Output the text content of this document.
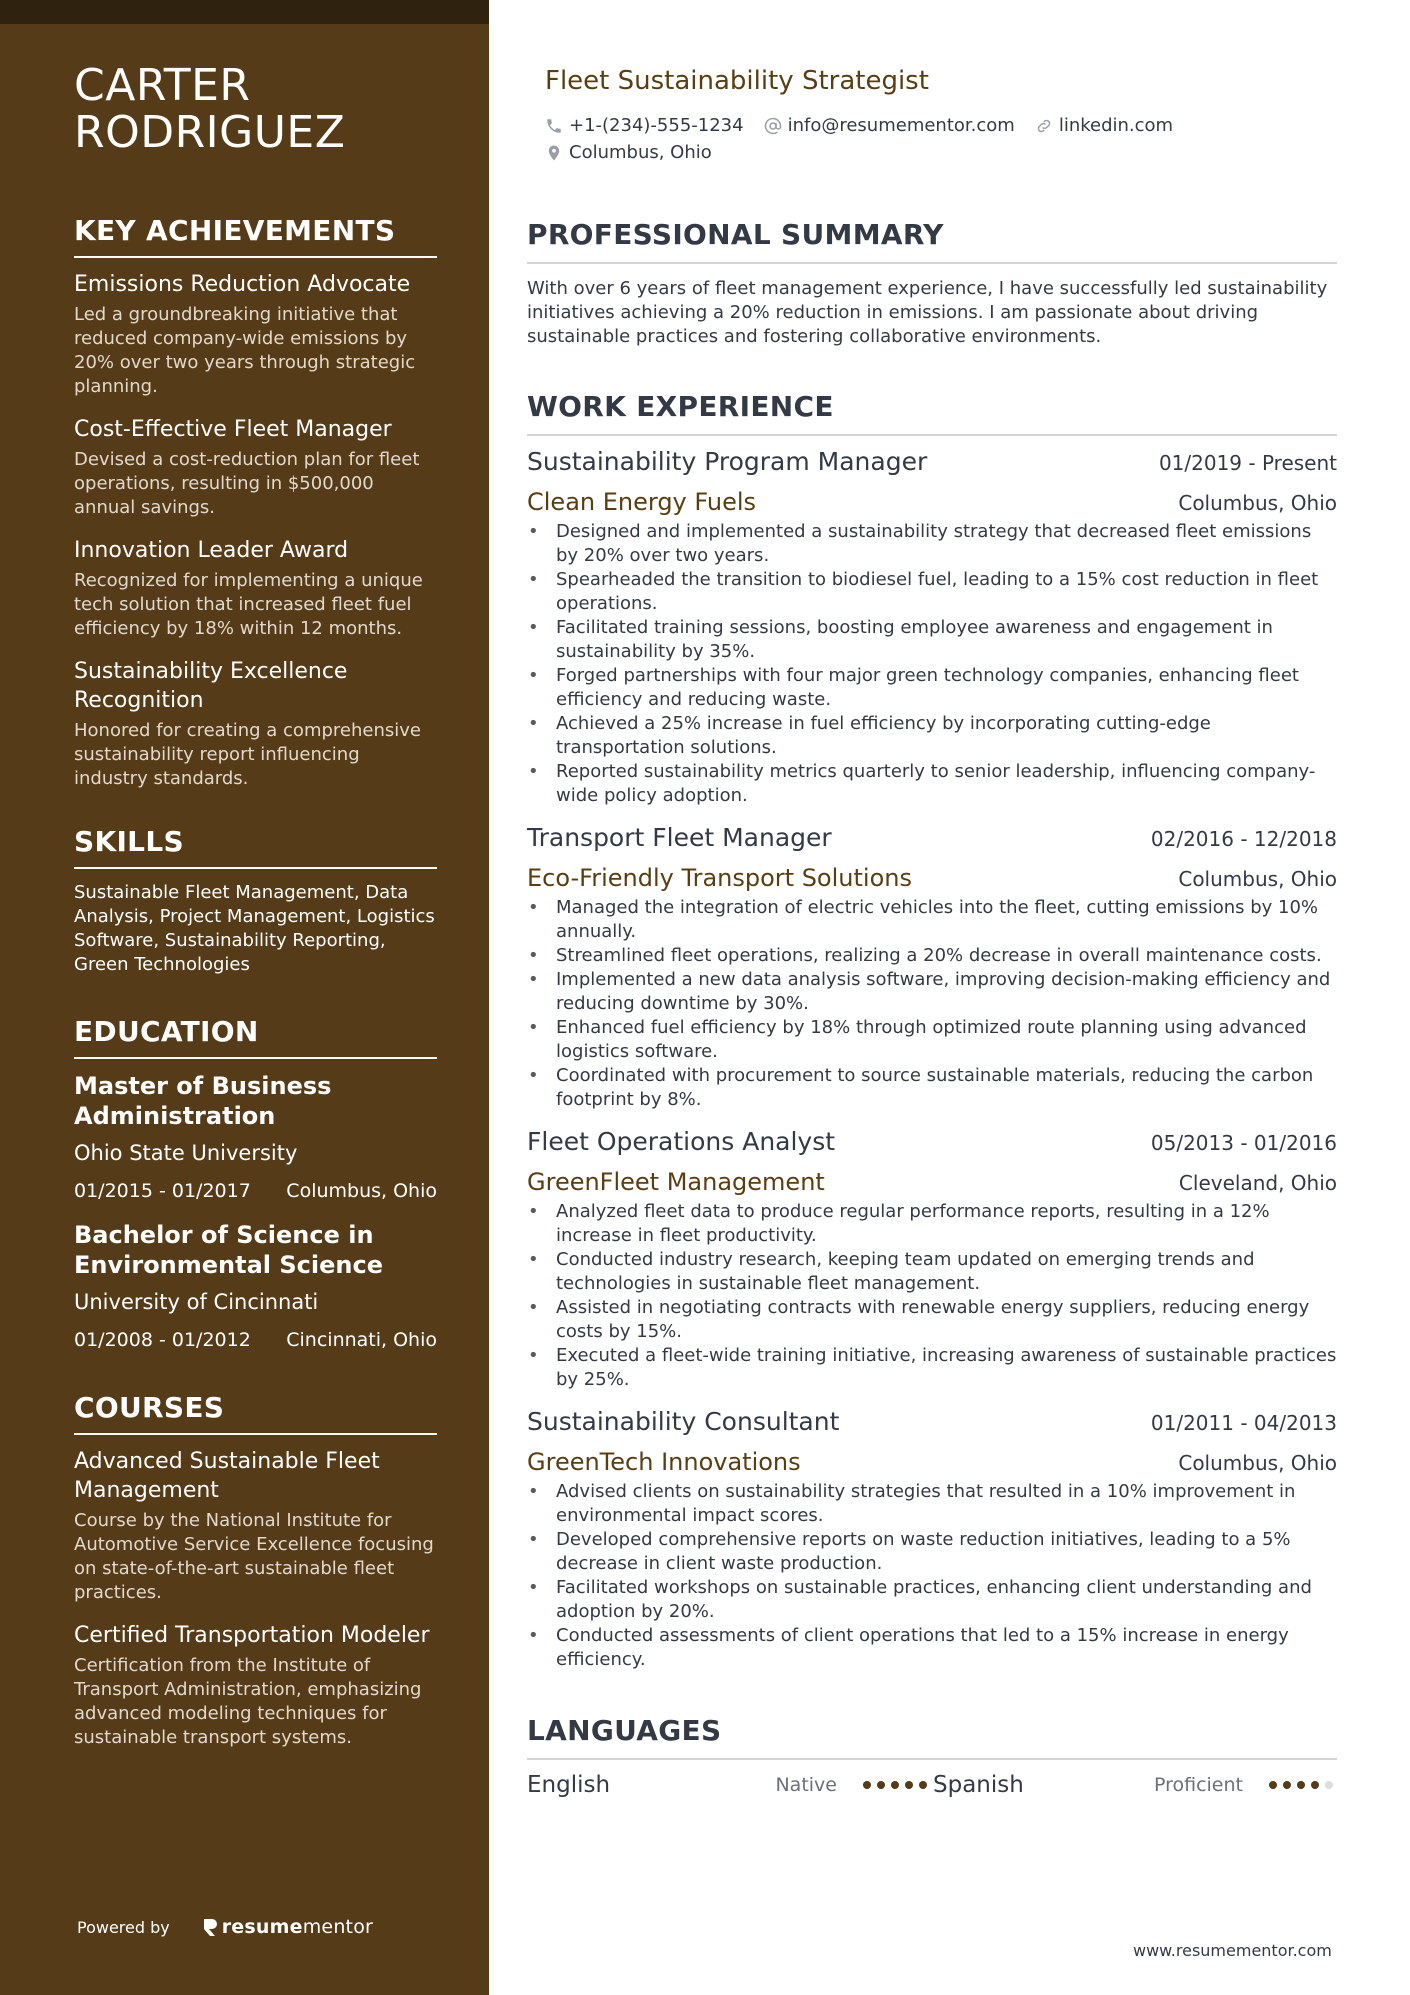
CARTER
RODRIGUEZ
KEY ACHIEVEMENTS
Emissions Reduction Advocate
Led a groundbreaking initiative that reduced company-wide emissions by 20% over two years through strategic planning.
Cost-Effective Fleet Manager
Devised a cost-reduction plan for fleet operations, resulting in $500,000 annual savings.
Innovation Leader Award
Recognized for implementing a unique tech solution that increased fleet fuel efficiency by 18% within 12 months.
Sustainability Excellence Recognition
Honored for creating a comprehensive sustainability report influencing industry standards.
SKILLS
Sustainable Fleet Management, Data Analysis, Project Management, Logistics Software, Sustainability Reporting, Green Technologies
EDUCATION
Master of Business Administration
Ohio State University
01/2015 - 01/2017 Columbus, Ohio
Bachelor of Science in Environmental Science
University of Cincinnati
01/2008 - 01/2012 Cincinnati, Ohio
COURSES
Advanced Sustainable Fleet Management
Course by the National Institute for Automotive Service Excellence focusing on state-of-the-art sustainable fleet practices.
Certified Transportation Modeler
Certification from the Institute of Transport Administration, emphasizing advanced modeling techniques for sustainable transport systems.
Powered by	resume mentor
Fleet Sustainability Strategist
+1-(234)-555-1234 info@resumementor.com linkedin.com
Columbus, Ohio
PROFESSIONAL SUMMARY
With over 6 years of fleet management experience, I have successfully led sustainability initiatives achieving a 20% reduction in emissions. I am passionate about driving sustainable practices and fostering collaborative environments.
WORK EXPERIENCE
Sustainability Program Manager	01/2019 - Present
Clean Energy Fuels	Columbus, Ohio
• Designed and implemented a sustainability strategy that decreased fleet emissions by 20% over two years.
• Spearheaded the transition to biodiesel fuel, leading to a 15% cost reduction in fleet operations.
• Facilitated training sessions, boosting employee awareness and engagement in sustainability by 35%.
• Forged partnerships with four major green technology companies, enhancing fleet efficiency and reducing waste.
• Achieved a 25% increase in fuel efficiency by incorporating cutting-edge transportation solutions.
• Reported sustainability metrics quarterly to senior leadership, influencing company-wide policy adoption.
Transport Fleet Manager	02/2016 - 12/2018
Eco-Friendly Transport Solutions	Columbus, Ohio
• Managed the integration of electric vehicles into the fleet, cutting emissions by 10% annually.
• Streamlined fleet operations, realizing a 20% decrease in overall maintenance costs.
• Implemented a new data analysis software, improving decision-making efficiency and reducing downtime by 30%.
• Enhanced fuel efficiency by 18% through optimized route planning using advanced logistics software.
• Coordinated with procurement to source sustainable materials, reducing the carbon footprint by 8%.
Fleet Operations Analyst	05/2013 - 01/2016
GreenFleet Management	Cleveland, Ohio
• Analyzed fleet data to produce regular performance reports, resulting in a 12% increase in fleet productivity.
• Conducted industry research, keeping team updated on emerging trends and technologies in sustainable fleet management.
• Assisted in negotiating contracts with renewable energy suppliers, reducing energy costs by 15%.
• Executed a fleet-wide training initiative, increasing awareness of sustainable practices by 25%.
Sustainability Consultant	01/2011 - 04/2013
GreenTech Innovations	Columbus, Ohio
• Advised clients on sustainability strategies that resulted in a 10% improvement in environmental impact scores.
• Developed comprehensive reports on waste reduction initiatives, leading to a 5% decrease in client waste production.
• Facilitated workshops on sustainable practices, enhancing client understanding and adoption by 20%.
• Conducted assessments of client operations that led to a 15% increase in energy efficiency.
LANGUAGES
English	Native	Spanish	Proficient
www.resumementor.com
